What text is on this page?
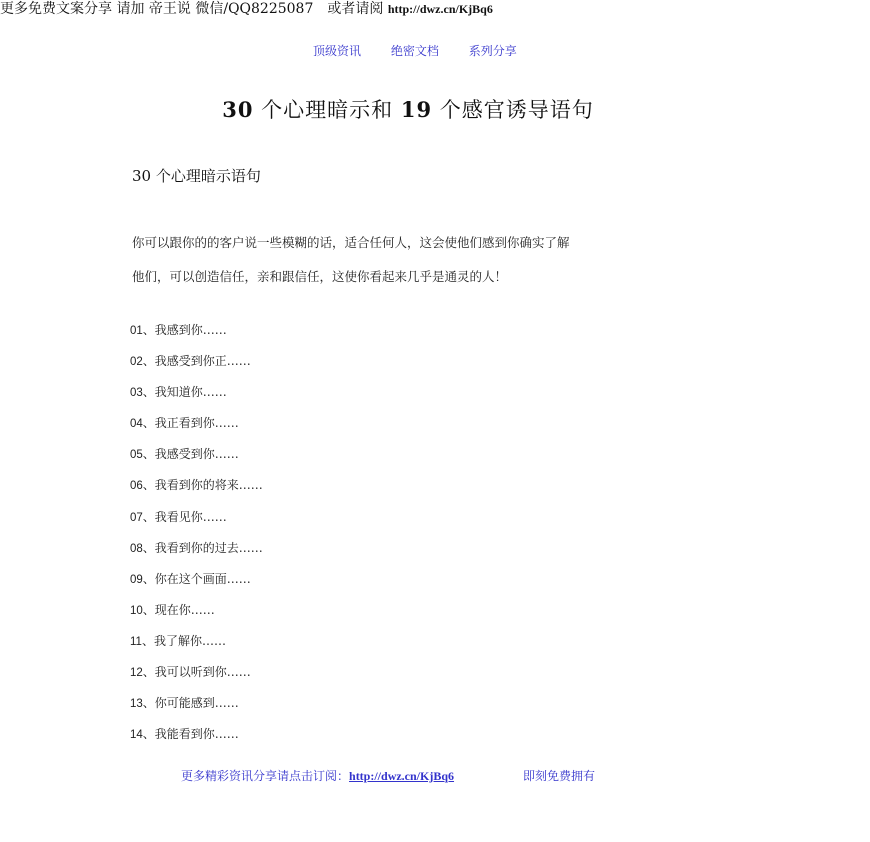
更多免费文案分享 请加 帝王说 微信/QQ8225087 或者请阅 http://dwz.cn/KjBq6
顶级资讯 绝密文档 系列分享
30 个心理暗示和 19 个感官诱导语句
30 个心理暗示语句
你可以跟你的的客户说一些模糊的话，适合任何人，这会使他们感到你确实了解
他们，可以创造信任，亲和跟信任，这使你看起来几乎是通灵的人！
01、我感到你……
02、我感受到你正……
03、我知道你……
04、我正看到你……
05、我感受到你……
06、我看到你的将来……
07、我看见你……
08、我看到你的过去……
09、你在这个画面……
10、现在你……
11、我了解你……
12、我可以听到你……
13、你可能感到……
14、我能看到你……
更多精彩资讯分享请点击订阅：http://dwz.cn/KjBq6	即刻免费拥有
